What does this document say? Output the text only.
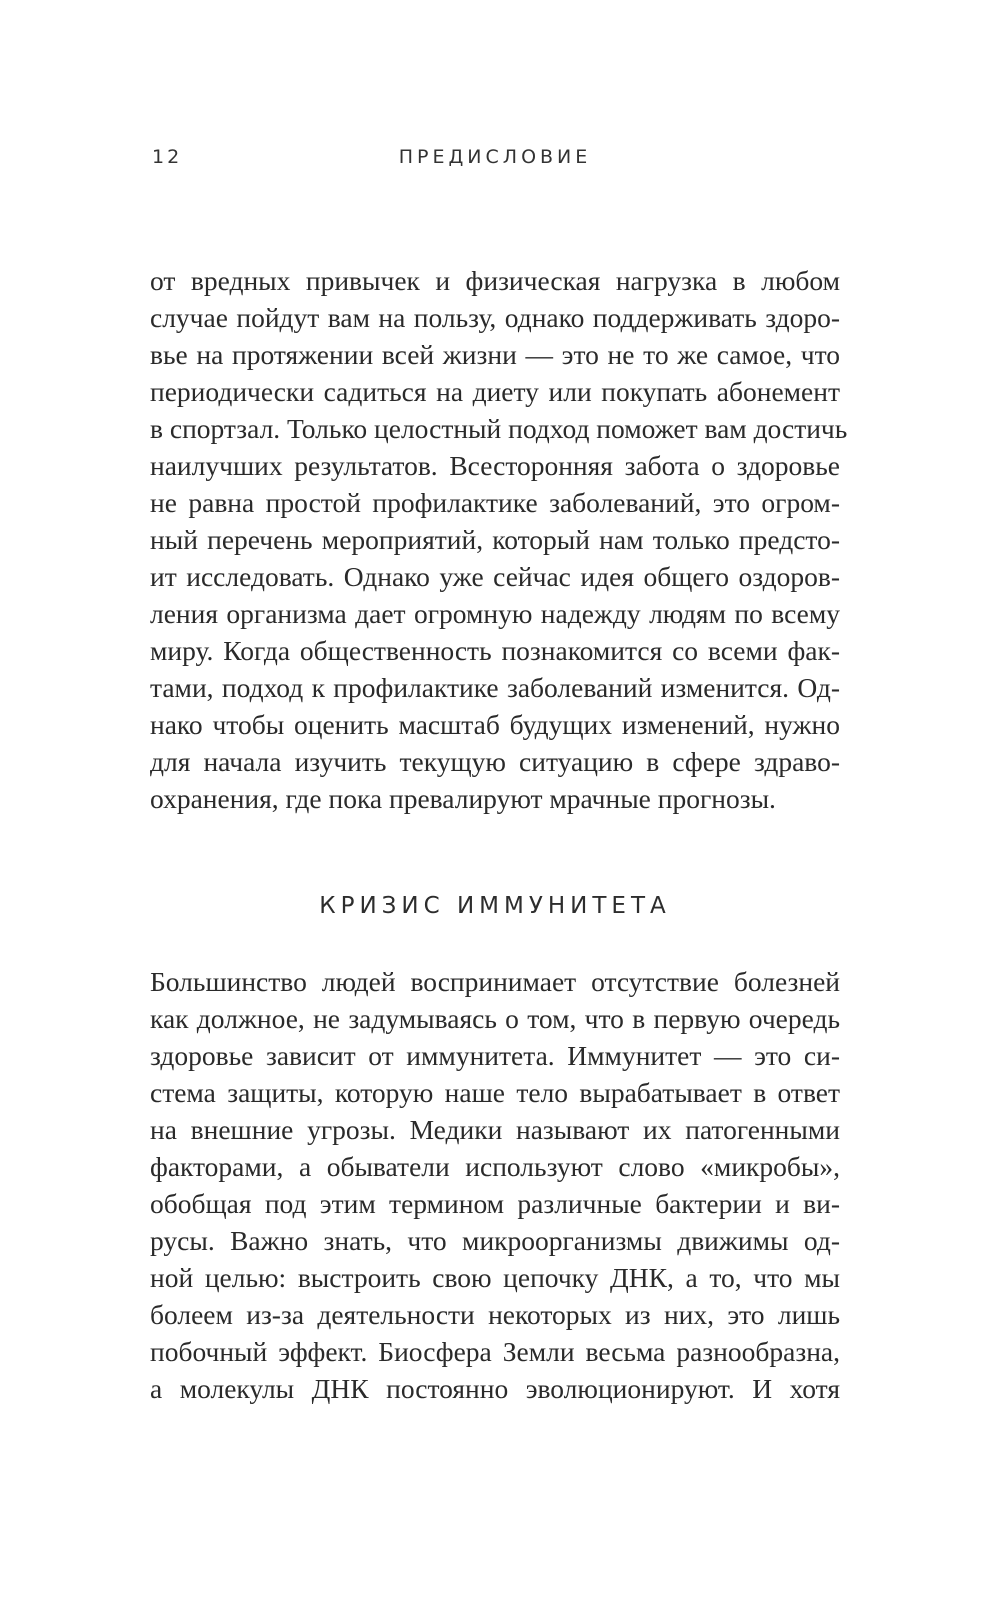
12	ПРЕДИСЛОВИЕ
от вредных привычек и физическая нагрузка в любом
случае пойдут вам на пользу, однако поддерживать здоро-
вье на протяжении всей жизни — это не то же самое, что
периодически садиться на диету или покупать абонемент
в спортзал. Только целостный подход поможет вам достичь
наилучших результатов. Всесторонняя забота о здоровье
не равна простой профилактике заболеваний, это огром-
ный перечень мероприятий, который нам только предсто-
ит исследовать. Однако уже сейчас идея общего оздоров-
ления организма дает огромную надежду людям по всему
миру. Когда общественность познакомится со всеми фак-
тами, подход к профилактике заболеваний изменится. Од-
нако чтобы оценить масштаб будущих изменений, нужно
для начала изучить текущую ситуацию в сфере здраво-
охранения, где пока превалируют мрачные прогнозы.
КРИЗИС ИММУНИТЕТА
Большинство людей воспринимает отсутствие болезней
как должное, не задумываясь о том, что в первую очередь
здоровье зависит от иммунитета. Иммунитет — это си-
стема защиты, которую наше тело вырабатывает в ответ
на внешние угрозы. Медики называют их патогенными
факторами, а обыватели используют слово «микробы»,
обобщая под этим термином различные бактерии и ви-
русы. Важно знать, что микроорганизмы движимы од-
ной целью: выстроить свою цепочку ДНК, а то, что мы
болеем из-за деятельности некоторых из них, это лишь
побочный эффект. Биосфера Земли весьма разнообразна,
а молекулы ДНК постоянно эволюционируют. И хотя
